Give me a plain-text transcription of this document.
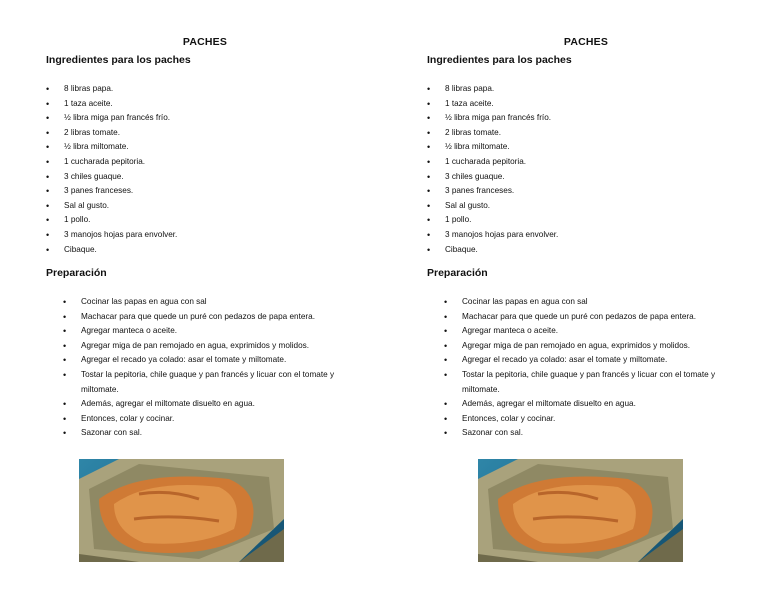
PACHES
Ingredientes para los paches
• 8 libras papa.
• 1 taza aceite.
• ½ libra miga pan francés frío.
• 2 libras tomate.
• ½ libra miltomate.
• 1 cucharada pepitoria.
• 3 chiles guaque.
• 3 panes franceses.
• Sal al gusto.
• 1 pollo.
• 3 manojos hojas para envolver.
• Cibaque.
Preparación
• Cocinar las papas en agua con sal
• Machacar para que quede un puré con pedazos de papa entera.
• Agregar manteca o aceite.
• Agregar miga de pan remojado en agua, exprimidos y molidos.
• Agregar el recado ya colado: asar el tomate y miltomate.
• Tostar la pepitoria, chile guaque y pan francés y licuar con el tomate y miltomate.
• Además, agregar el miltomate disuelto en agua.
• Entonces, colar y cocinar.
• Sazonar con sal.
PACHES
Ingredientes para los paches
• 8 libras papa.
• 1 taza aceite.
• ½ libra miga pan francés frío.
• 2 libras tomate.
• ½ libra miltomate.
• 1 cucharada pepitoria.
• 3 chiles guaque.
• 3 panes franceses.
• Sal al gusto.
• 1 pollo.
• 3 manojos hojas para envolver.
• Cibaque.
Preparación
• Cocinar las papas en agua con sal
• Machacar para que quede un puré con pedazos de papa entera.
• Agregar manteca o aceite.
• Agregar miga de pan remojado en agua, exprimidos y molidos.
• Agregar el recado ya colado: asar el tomate y miltomate.
• Tostar la pepitoria, chile guaque y pan francés y licuar con el tomate y miltomate.
• Además, agregar el miltomate disuelto en agua.
• Entonces, colar y cocinar.
• Sazonar con sal.
